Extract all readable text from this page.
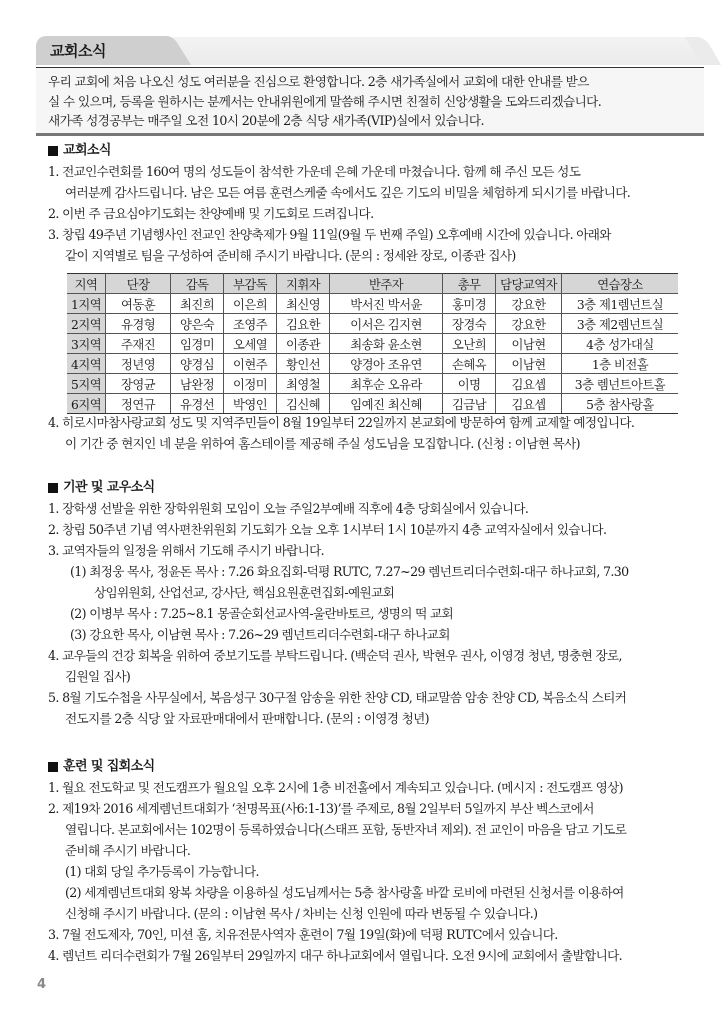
교회소식

우리 교회에 처음 나오신 성도 여러분을 진심으로 환영합니다. 2층 새가족실에서 교회에 대한 안내를 받으

실 수 있으며, 등록을 원하시는 분께서는 안내위원에게 말씀해 주시면 친절히 신앙생활을 도와드리겠습니다.

새가족 성경공부는 매주일 오전 10시 20분에 2층 식당 새가족(VIP)실에서 있습니다.

교회소식
1. 전교인수련회를 160여 명의 성도들이 참석한 가운데 은혜 가운데 마쳤습니다. 함께 해 주신 모든 성도
여러분께 감사드립니다. 남은 모든 여름 훈련스케줄 속에서도 깊은 기도의 비밀을 체험하게 되시기를 바랍니다.
2. 이번 주 금요심야기도회는 찬양예배 및 기도회로 드려집니다.
3. 창립 49주년 기념행사인 전교인 찬양축제가 9월 11일(9월 두 번째 주일) 오후예배 시간에 있습니다. 아래와
같이 지역별로 팀을 구성하여 준비해 주시기 바랍니다. (문의 : 정세완 장로, 이종관 집사)
지역	단장	감독	부감독	지휘자	반주자	총무	담당교역자	연습장소
1지역	여동훈	최진희	이은희	최신영	박서진 박서윤	홍미경	강요한	3층 제1렘넌트실
2지역	유경형	양은숙	조영주	김요한	이서은 김지현	장경숙	강요한	3층 제2렘넌트실
3지역	주재진	임경미	오세열	이종관	최송화 윤소현	오난희	이남현	4층 성가대실
4지역	정년영	양경심	이현주	황인선	양경아 조유연	손혜옥	이남현	1층 비전홀
5지역	장영균	남완정	이정미	최영철	최후순 오유라	이명	김요셉	3층 렘넌트아트홀
6지역	정연규	유경선	박영인	김신혜	임예진 최신혜	김금남	김요셉	5층 참사랑홀
4. 히로시마참사랑교회 성도 및 지역주민들이 8월 19일부터 22일까지 본교회에 방문하여 함께 교제할 예정입니다.
이 기간 중 현지인 네 분을 위하여 홈스테이를 제공해 주실 성도님을 모집합니다. (신청 : 이남현 목사)
기관 및 교우소식
1. 장학생 선발을 위한 장학위원회 모임이 오늘 주일2부예배 직후에 4층 당회실에서 있습니다.
2. 창립 50주년 기념 역사편찬위원회 기도회가 오늘 오후 1시부터 1시 10분까지 4층 교역자실에서 있습니다.
3. 교역자들의 일정을 위해서 기도해 주시기 바랍니다.
(1) 최정웅 목사, 정윤돈 목사 : 7.26 화요집회-덕평 RUTC, 7.27~29 렘넌트리더수련회-대구 하나교회, 7.30
상임위원회, 산업선교, 강사단, 핵심요원훈련집회-예원교회
(2) 이병부 목사 : 7.25~8.1 몽골순회선교사역-울란바토르, 생명의 떡 교회
(3) 강요한 목사, 이남현 목사 : 7.26~29 렘넌트리더수련회-대구 하나교회
4. 교우들의 건강 회복을 위하여 중보기도를 부탁드립니다. (백순덕 권사, 박현우 권사, 이영경 청년, 명충현 장로,
김원일 집사)
5. 8월 기도수첩을 사무실에서, 복음성구 30구절 암송을 위한 찬양 CD, 태교말씀 암송 찬양 CD, 복음소식 스티커
전도지를 2층 식당 앞 자료판매대에서 판매합니다. (문의 : 이영경 청년)
훈련 및 집회소식
1. 월요 전도학교 및 전도캠프가 월요일 오후 2시에 1층 비전홀에서 계속되고 있습니다. (메시지 : 전도캠프 영상)
2. 제19차 2016 세계렘넌트대회가 ‘천명목표(사6:1-13)’를 주제로, 8월 2일부터 5일까지 부산 벡스코에서
열립니다. 본교회에서는 102명이 등록하였습니다(스태프 포함, 동반자녀 제외). 전 교인이 마음을 담고 기도로
준비해 주시기 바랍니다.
(1) 대회 당일 추가등록이 가능합니다.
(2) 세계렘넌트대회 왕복 차량을 이용하실 성도님께서는 5층 참사랑홀 바깥 로비에 마련된 신청서를 이용하여
신청해 주시기 바랍니다. (문의 : 이남현 목사 / 차비는 신청 인원에 따라 변동될 수 있습니다.)
3. 7월 전도제자, 70인, 미션 홈, 치유전문사역자 훈련이 7월 19일(화)에 덕평 RUTC에서 있습니다.
4. 렘넌트 리더수련회가 7월 26일부터 29일까지 대구 하나교회에서 열립니다. 오전 9시에 교회에서 출발합니다.
4
